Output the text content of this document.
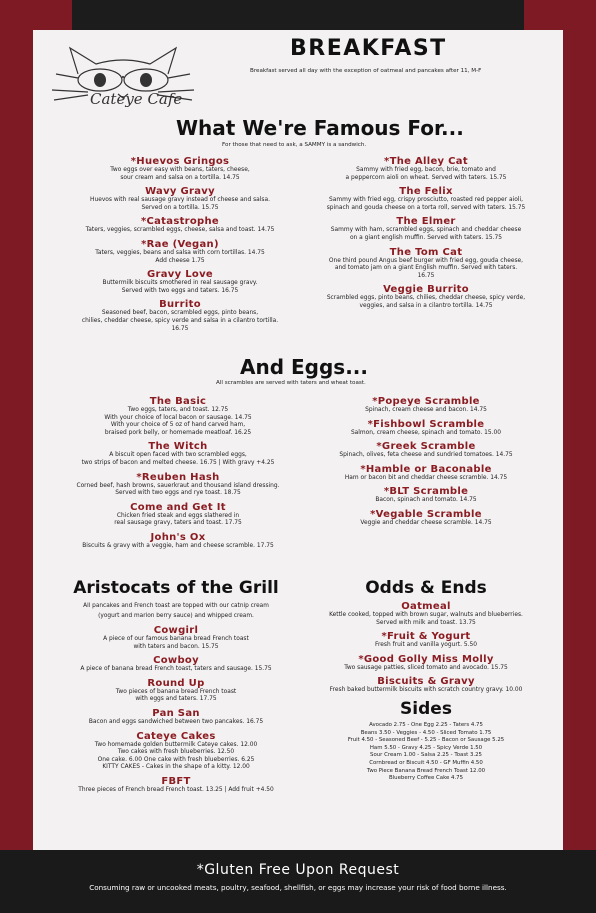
Cateye Cafe
BREAKFAST
Breakfast served all day with the exception of oatmeal and pancakes after 11, M-F
What We're Famous For...
For those that need to ask, a SAMMY is a sandwich.
*Huevos Gringos
Two eggs over easy with beans, taters, cheese,
sour cream and salsa on a tortilla. 14.75
Wavy Gravy
Huevos with real sausage gravy instead of cheese and salsa.
Served on a tortilla. 15.75
*Catastrophe
Taters, veggies, scrambled eggs, cheese, salsa and toast. 14.75
*Rae (Vegan)
Taters, veggies, beans and salsa with corn tortillas. 14.75
Add cheese 1.75
Gravy Love
Buttermilk biscuits smothered in real sausage gravy.
Served with two eggs and taters. 16.75
Burrito
Seasoned beef, bacon, scrambled eggs, pinto beans,
chilies, cheddar cheese, spicy verde and salsa in a cilantro tortilla.
16.75
*The Alley Cat
Sammy with fried egg, bacon, brie, tomato and
a peppercorn aioli on wheat. Served with taters. 15.75
The Felix
Sammy with fried egg, crispy prosciutto, roasted red pepper aioli,
spinach and gouda cheese on a torta roll, served with taters. 15.75
The Elmer
Sammy with ham, scrambled eggs, spinach and cheddar cheese
on a giant english muffin. Served with taters. 15.75
The Tom Cat
One third pound Angus beef burger with fried egg, gouda cheese,
and tomato jam on a giant English muffin. Served with taters.
16.75
Veggie Burrito
Scrambled eggs, pinto beans, chilies, cheddar cheese, spicy verde,
veggies, and salsa in a cilantro tortilla. 14.75
And Eggs...
All scrambles are served with taters and wheat toast.
The Basic
Two eggs, taters, and toast. 12.75
With your choice of local bacon or sausage. 14.75
With your choice of 5 oz of hand carved ham,
braised pork belly, or homemade meatloaf. 16.25
The Witch
A biscuit open faced with two scrambled eggs,
two strips of bacon and melted cheese. 16.75 | With gravy +4.25
*Reuben Hash
Corned beef, hash browns, sauerkraut and thousand island dressing.
Served with two eggs and rye toast. 18.75
Come and Get It
Chicken fried steak and eggs slathered in
real sausage gravy, taters and toast. 17.75
John's Ox
Biscuits & gravy with a veggie, ham and cheese scramble. 17.75
*Popeye Scramble
Spinach, cream cheese and bacon. 14.75
*Fishbowl Scramble
Salmon, cream cheese, spinach and tomato. 15.00
*Greek Scramble
Spinach, olives, feta cheese and sundried tomatoes. 14.75
*Hamble or Baconable
Ham or bacon bit and cheddar cheese scramble. 14.75
*BLT Scramble
Bacon, spinach and tomato. 14.75
*Vegable Scramble
Veggie and cheddar cheese scramble. 14.75
Aristocats of the Grill
All pancakes and French toast are topped with our catnip cream
(yogurt and marion berry sauce) and whipped cream.
Cowgirl
A piece of our famous banana bread French toast
with taters and bacon. 15.75
Cowboy
A piece of banana bread French toast, taters and sausage. 15.75
Round Up
Two pieces of banana bread French toast
with eggs and taters. 17.75
Pan San
Bacon and eggs sandwiched between two pancakes. 16.75
Cateye Cakes
Two homemade golden buttermilk Cateye cakes. 12.00
Two cakes with fresh blueberries. 12.50
One cake. 6.00 One cake with fresh blueberries. 6.25
KITTY CAKES - Cakes in the shape of a kitty. 12.00
FBFT
Three pieces of French bread French toast. 13.25 | Add fruit +4.50
Odds & Ends
Oatmeal
Kettle cooked, topped with brown sugar, walnuts and blueberries.
Served with milk and toast. 13.75
*Fruit & Yogurt
Fresh fruit and vanilla yogurt. 5.50
*Good Golly Miss Molly
Two sausage patties, sliced tomato and avocado. 15.75
Biscuits & Gravy
Fresh baked buttermilk biscuits with scratch country gravy. 10.00
Sides
Avocado 2.75 - One Egg 2.25 - Taters 4.75
Beans 3.50 - Veggies - 4.50 - Sliced Tomato 1.75
Fruit 4.50 - Seasoned Beef - 5.25 - Bacon or Sausage 5.25
Ham 5.50 - Gravy 4.25 - Spicy Verde 1.50
Sour Cream 1.00 - Salsa 2.25 - Toast 3.25
Cornbread or Biscuit 4.50 - GF Muffin 4.50
Two Piece Banana Bread French Toast 12.00
Blueberry Coffee Cake 4.75
*Gluten Free Upon Request
Consuming raw or uncooked meats, poultry, seafood, shellfish, or eggs may increase your risk of food borne illness.
